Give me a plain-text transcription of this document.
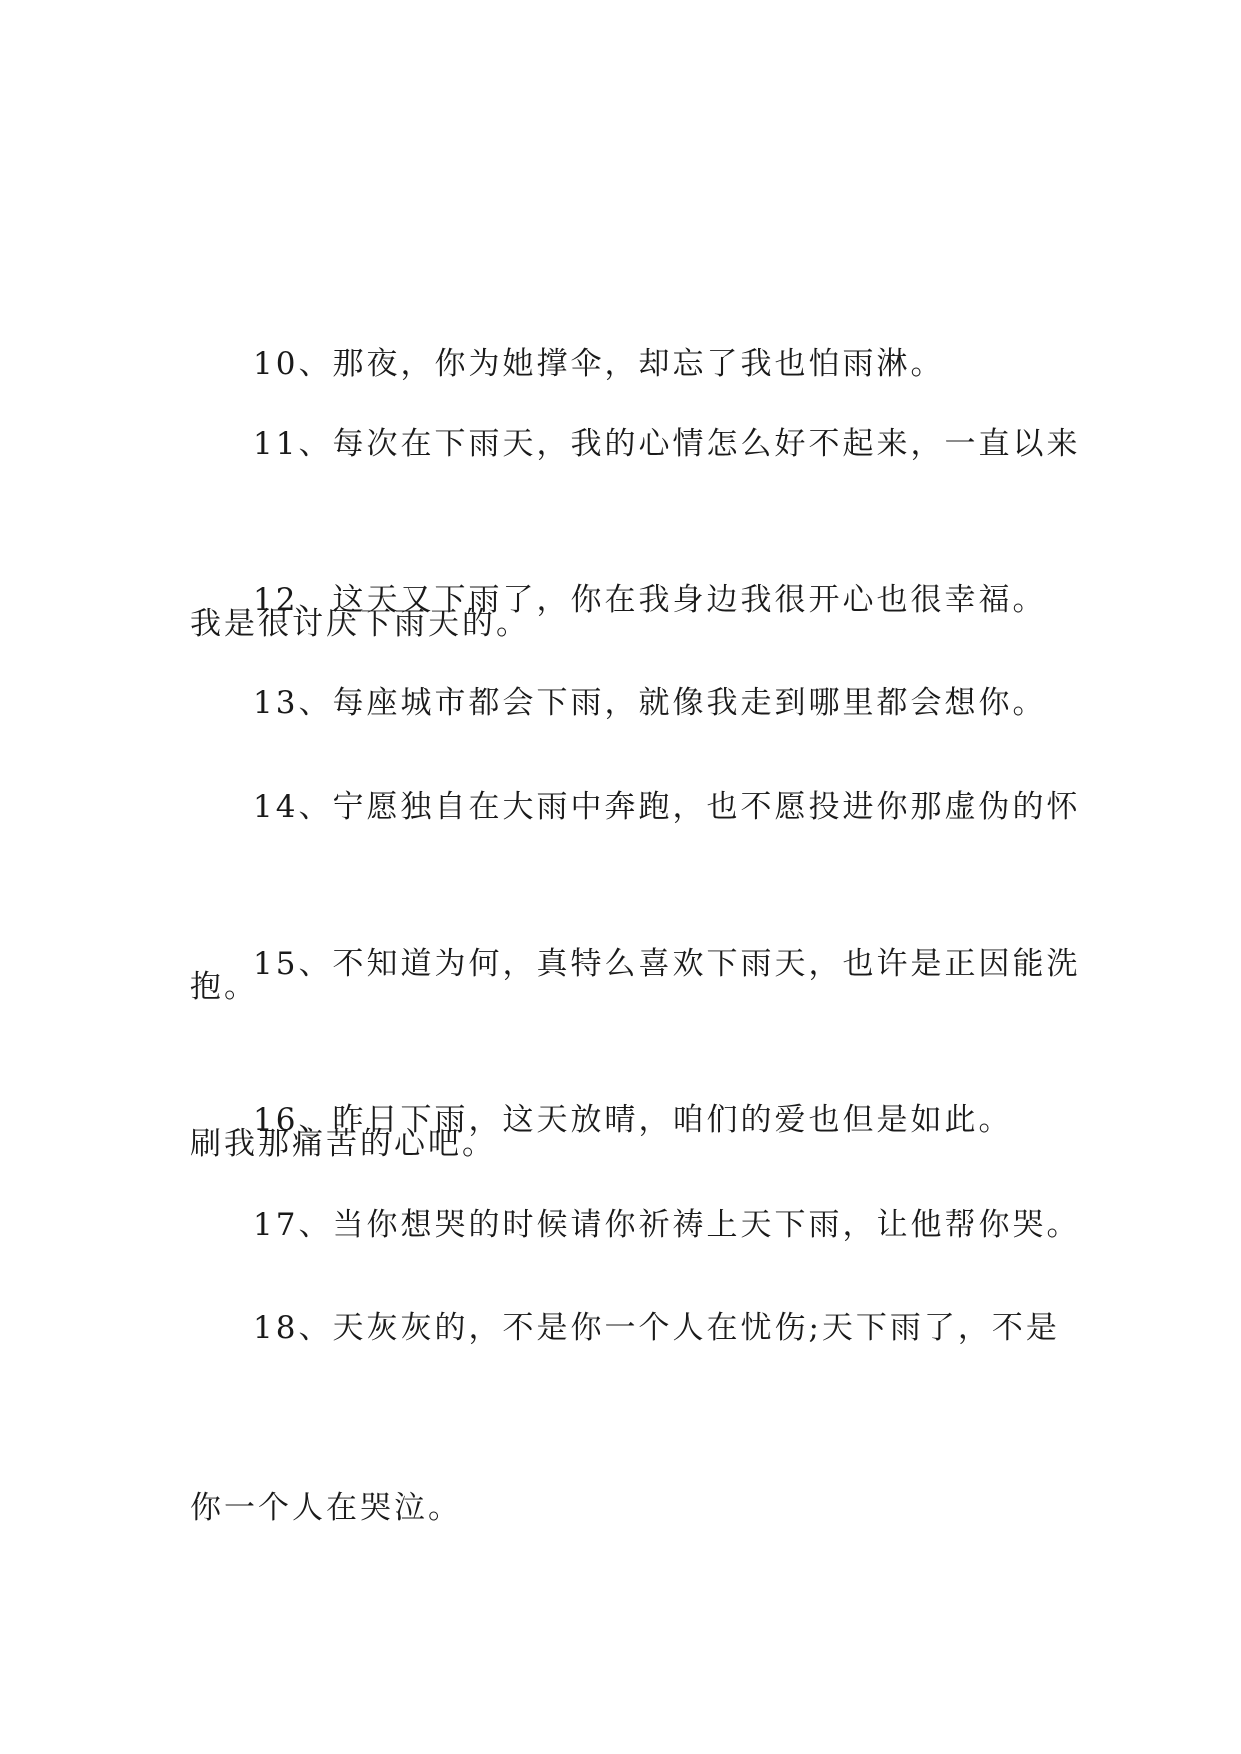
10、那夜，你为她撑伞，却忘了我也怕雨淋。

11、每次在下雨天，我的心情怎么好不起来，一直以来

我是很讨厌下雨天的。

12、这天又下雨了，你在我身边我很开心也很幸福。

13、每座城市都会下雨，就像我走到哪里都会想你。

14、宁愿独自在大雨中奔跑，也不愿投进你那虚伪的怀

抱。

15、不知道为何，真特么喜欢下雨天，也许是正因能洗

刷我那痛苦的心吧。

16、昨日下雨，这天放晴，咱们的爱也但是如此。

17、当你想哭的时候请你祈祷上天下雨，让他帮你哭。

18、天灰灰的，不是你一个人在忧伤;天下雨了，不是

你一个人在哭泣。
